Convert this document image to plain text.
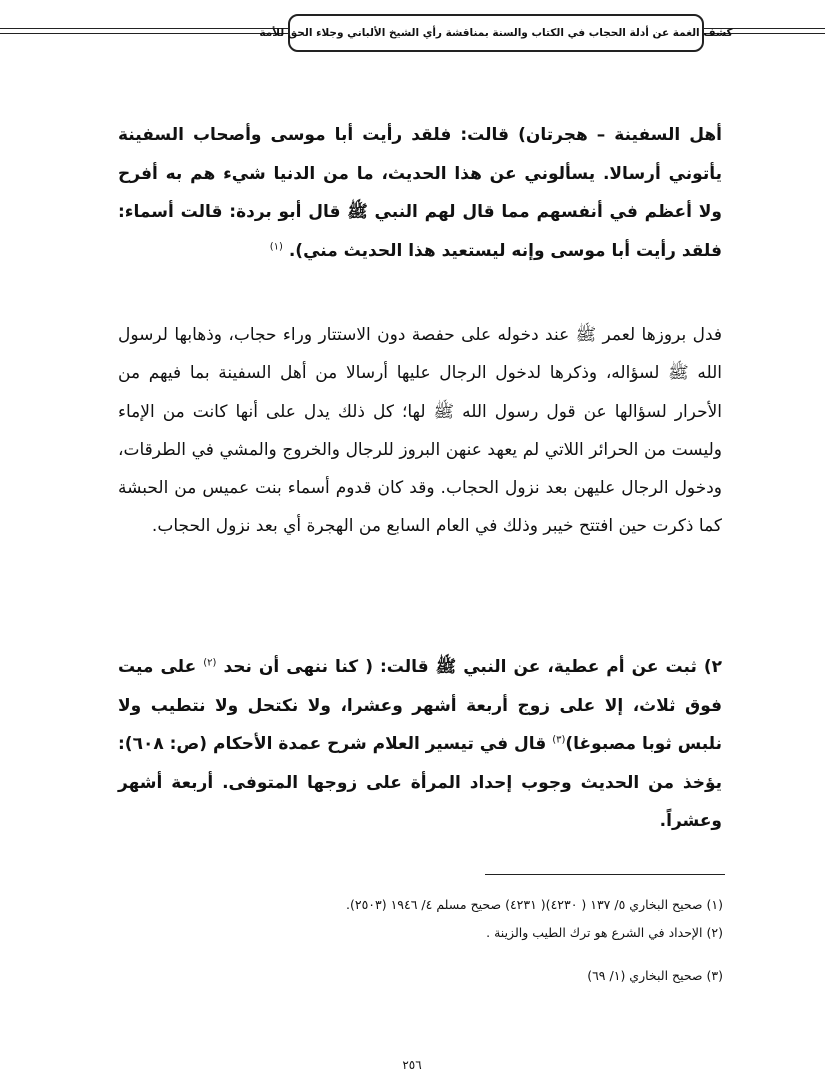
كشف الغمة عن أدلة الحجاب في الكتاب والسنة بمناقشة رأي الشيخ الألباني وجلاء الحق للأمة
أهل السفينة – هجرتان) قالت: فلقد رأيت أبا موسى وأصحاب السفينة يأتوني أرسالا. يسألوني عن هذا الحديث، ما من الدنيا شيء هم به أفرح ولا أعظم في أنفسهم مما قال لهم النبي ﷺ قال أبو بردة: قالت أسماء: فلقد رأيت أبا موسى وإنه ليستعيد هذا الحديث مني). $^{(١)}$
فدل بروزها لعمر ﷺ عند دخوله على حفصة دون الاستتار وراء حجاب، وذهابها لرسول الله ﷺ لسؤاله، وذكرها لدخول الرجال عليها أرسالا من أهل السفينة بما فيهم من الأحرار لسؤالها عن قول رسول الله ﷺ لها؛ كل ذلك يدل على أنها كانت من الإماء وليست من الحرائر اللاتي لم يعهد عنهن البروز للرجال والخروج والمشي في الطرقات، ودخول الرجال عليهن بعد نزول الحجاب. وقد كان قدوم أسماء بنت عميس من الحبشة كما ذكرت حين افتتح خيبر وذلك في العام السابع من الهجرة أي بعد نزول الحجاب.
٢) ثبت عن أم عطية، عن النبي ﷺ قالت: ( كنا ننهى أن نحد $^{(٢)}$ على ميت فوق ثلاث، إلا على زوج أربعة أشهر وعشرا، ولا نكتحل ولا نتطيب ولا نلبس ثوبا مصبوغا)$^{(٣)}$ قال في تيسير العلام شرح عمدة الأحكام (ص: ٦٠٨): يؤخذ من الحديث وجوب إحداد المرأة على زوجها المتوفى. أربعة أشهر وعشراً.
(١) صحيح البخاري ٥/ ١٣٧ ( ٤٢٣٠)( ٤٢٣١) صحيح مسلم ٤/ ١٩٤٦ (٢٥٠٣).
(٢) الإحداد في الشرع هو ترك الطيب والزينة .
(٣) صحيح البخاري (١/ ٦٩)
٢٥٦
